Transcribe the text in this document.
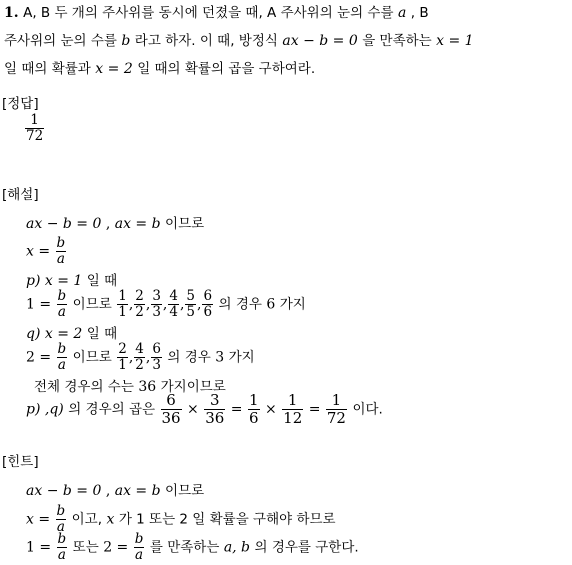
1. A, B 두 개의 주사위를 동시에 던졌을 때, A 주사위의 눈의 수를 a , B
주사위의 눈의 수를 b 라고 하자. 이 때, 방정식 ax − b = 0 을 만족하는 x = 1
일 때의 확률과 x = 2 일 때의 확률의 곱을 구하여라.
[정답]
$\frac{1}{72}$
[해설]
ax − b = 0 , ax = b 이므로
$x = \frac{b}{a}$
p) x = 1 일 때
$1 = \frac{b}{a}$ 이므로 $\frac{1}{1}$ , $\frac{2}{2}$ , $\frac{3}{3}$ , $\frac{4}{4}$ , $\frac{5}{5}$ , $\frac{6}{6}$ 의 경우 6 가지
q) x = 2 일 때
$2 = \frac{b}{a}$ 이므로 $\frac{2}{1}$ , $\frac{4}{2}$ , $\frac{6}{3}$ 의 경우 3 가지
전체 경우의 수는 36 가지이므로
p) ,q) 의 경우의 곱은 $\frac{6}{36} \times \frac{3}{36} = \frac{1}{6} \times \frac{1}{12} = \frac{1}{72}$ 이다.
[힌트]
ax − b = 0 , ax = b 이므로
$x = \frac{b}{a}$ 이고, x 가 1 또는 2 일 확률을 구해야 하므로
$1 = \frac{b}{a}$ 또는 $2 = \frac{b}{a}$ 를 만족하는 a, b 의 경우를 구한다.
